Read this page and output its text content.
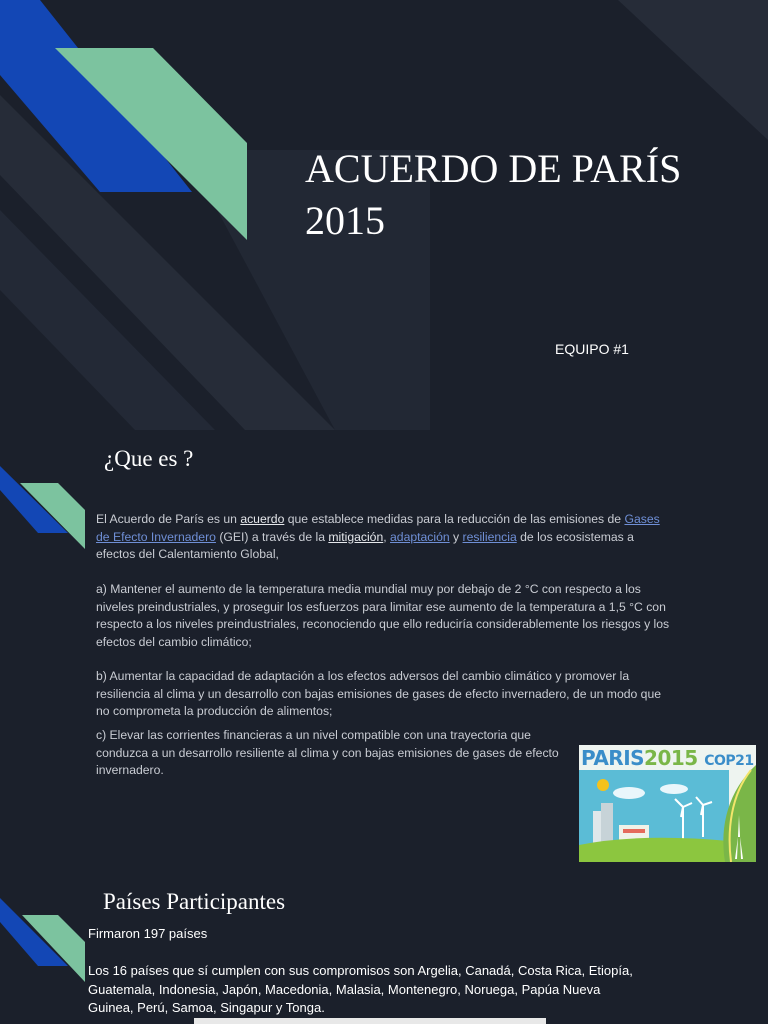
ACUERDO DE PARÍS
2015
EQUIPO #1
¿Que es ?

El Acuerdo de París es un acuerdo que establece medidas para la reducción de las emisiones de Gases de Efecto Invernadero (GEI) a través de la mitigación, adaptación y resiliencia de los ecosistemas a efectos del Calentamiento Global,

a) Mantener el aumento de la temperatura media mundial muy por debajo de 2 °C con respecto a los niveles preindustriales, y proseguir los esfuerzos para limitar ese aumento de la temperatura a 1,5 °C con respecto a los niveles preindustriales, reconociendo que ello reduciría considerablemente los riesgos y los efectos del cambio climático;

b) Aumentar la capacidad de adaptación a los efectos adversos del cambio climático y promover la resiliencia al clima y un desarrollo con bajas emisiones de gases de efecto invernadero, de un modo que no comprometa la producción de alimentos;

c) Elevar las corrientes financieras a un nivel compatible con una trayectoria que conduzca a un desarrollo resiliente al clima y con bajas emisiones de gases de efecto invernadero.	PARIS2015 COP21
Países Participantes

Firmaron 197 países

Los 16 países que sí cumplen con sus compromisos son Argelia, Canadá, Costa Rica, Etiopía, Guatemala, Indonesia, Japón, Macedonia, Malasia, Montenegro, Noruega, Papúa Nueva Guinea, Perú, Samoa, Singapur y Tonga.
